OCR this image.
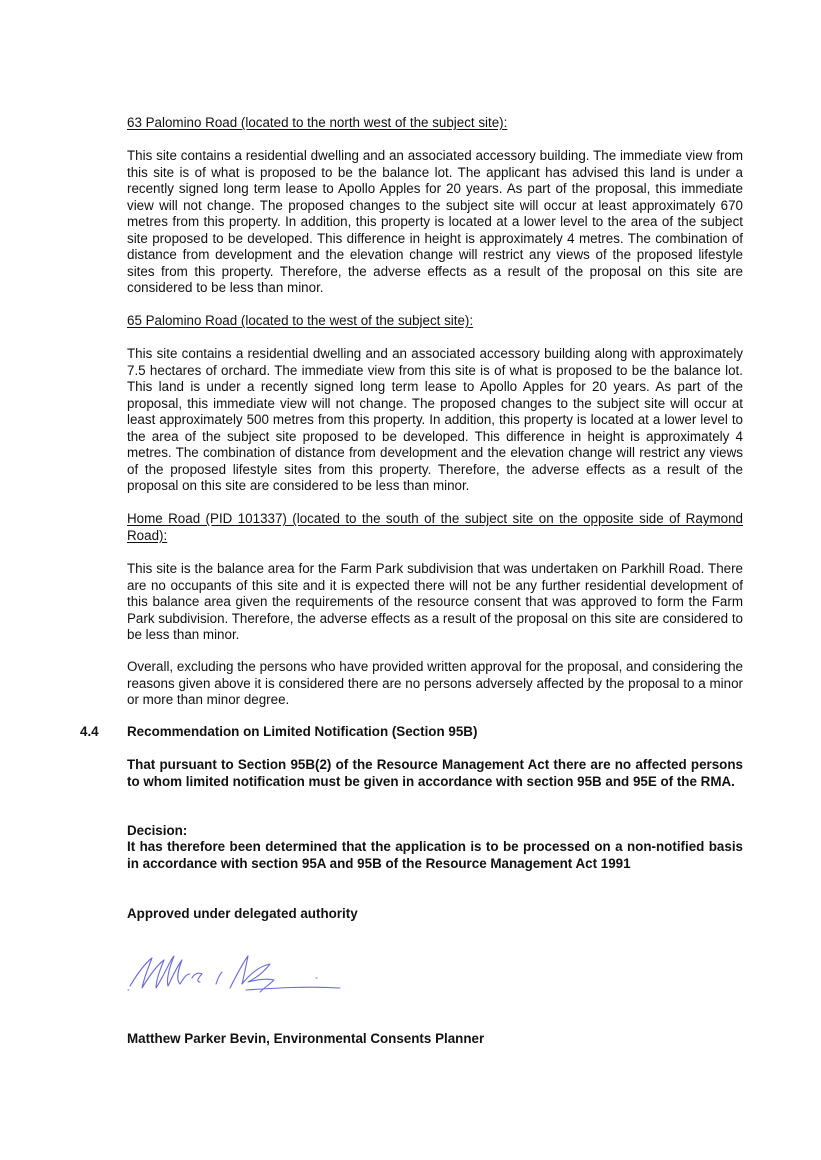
63 Palomino Road (located to the north west of the subject site):

This site contains a residential dwelling and an associated accessory building. The immediate view from this site is of what is proposed to be the balance lot. The applicant has advised this land is under a recently signed long term lease to Apollo Apples for 20 years. As part of the proposal, this immediate view will not change. The proposed changes to the subject site will occur at least approximately 670 metres from this property. In addition, this property is located at a lower level to the area of the subject site proposed to be developed. This difference in height is approximately 4 metres. The combination of distance from development and the elevation change will restrict any views of the proposed lifestyle sites from this property. Therefore, the adverse effects as a result of the proposal on this site are considered to be less than minor.

65 Palomino Road (located to the west of the subject site):

This site contains a residential dwelling and an associated accessory building along with approximately 7.5 hectares of orchard. The immediate view from this site is of what is proposed to be the balance lot. This land is under a recently signed long term lease to Apollo Apples for 20 years. As part of the proposal, this immediate view will not change. The proposed changes to the subject site will occur at least approximately 500 metres from this property. In addition, this property is located at a lower level to the area of the subject site proposed to be developed. This difference in height is approximately 4 metres. The combination of distance from development and the elevation change will restrict any views of the proposed lifestyle sites from this property. Therefore, the adverse effects as a result of the proposal on this site are considered to be less than minor.

Home Road (PID 101337) (located to the south of the subject site on the opposite side of Raymond Road):

This site is the balance area for the Farm Park subdivision that was undertaken on Parkhill Road. There are no occupants of this site and it is expected there will not be any further residential development of this balance area given the requirements of the resource consent that was approved to form the Farm Park subdivision. Therefore, the adverse effects as a result of the proposal on this site are considered to be less than minor.

Overall, excluding the persons who have provided written approval for the proposal, and considering the reasons given above it is considered there are no persons adversely affected by the proposal to a minor or more than minor degree.

4.4 Recommendation on Limited Notification (Section 95B)

That pursuant to Section 95B(2) of the Resource Management Act there are no affected persons to whom limited notification must be given in accordance with section 95B and 95E of the RMA.

Decision:

It has therefore been determined that the application is to be processed on a non-notified basis in accordance with section 95A and 95B of the Resource Management Act 1991

Approved under delegated authority
Matthew Parker Bevin, Environmental Consents Planner
